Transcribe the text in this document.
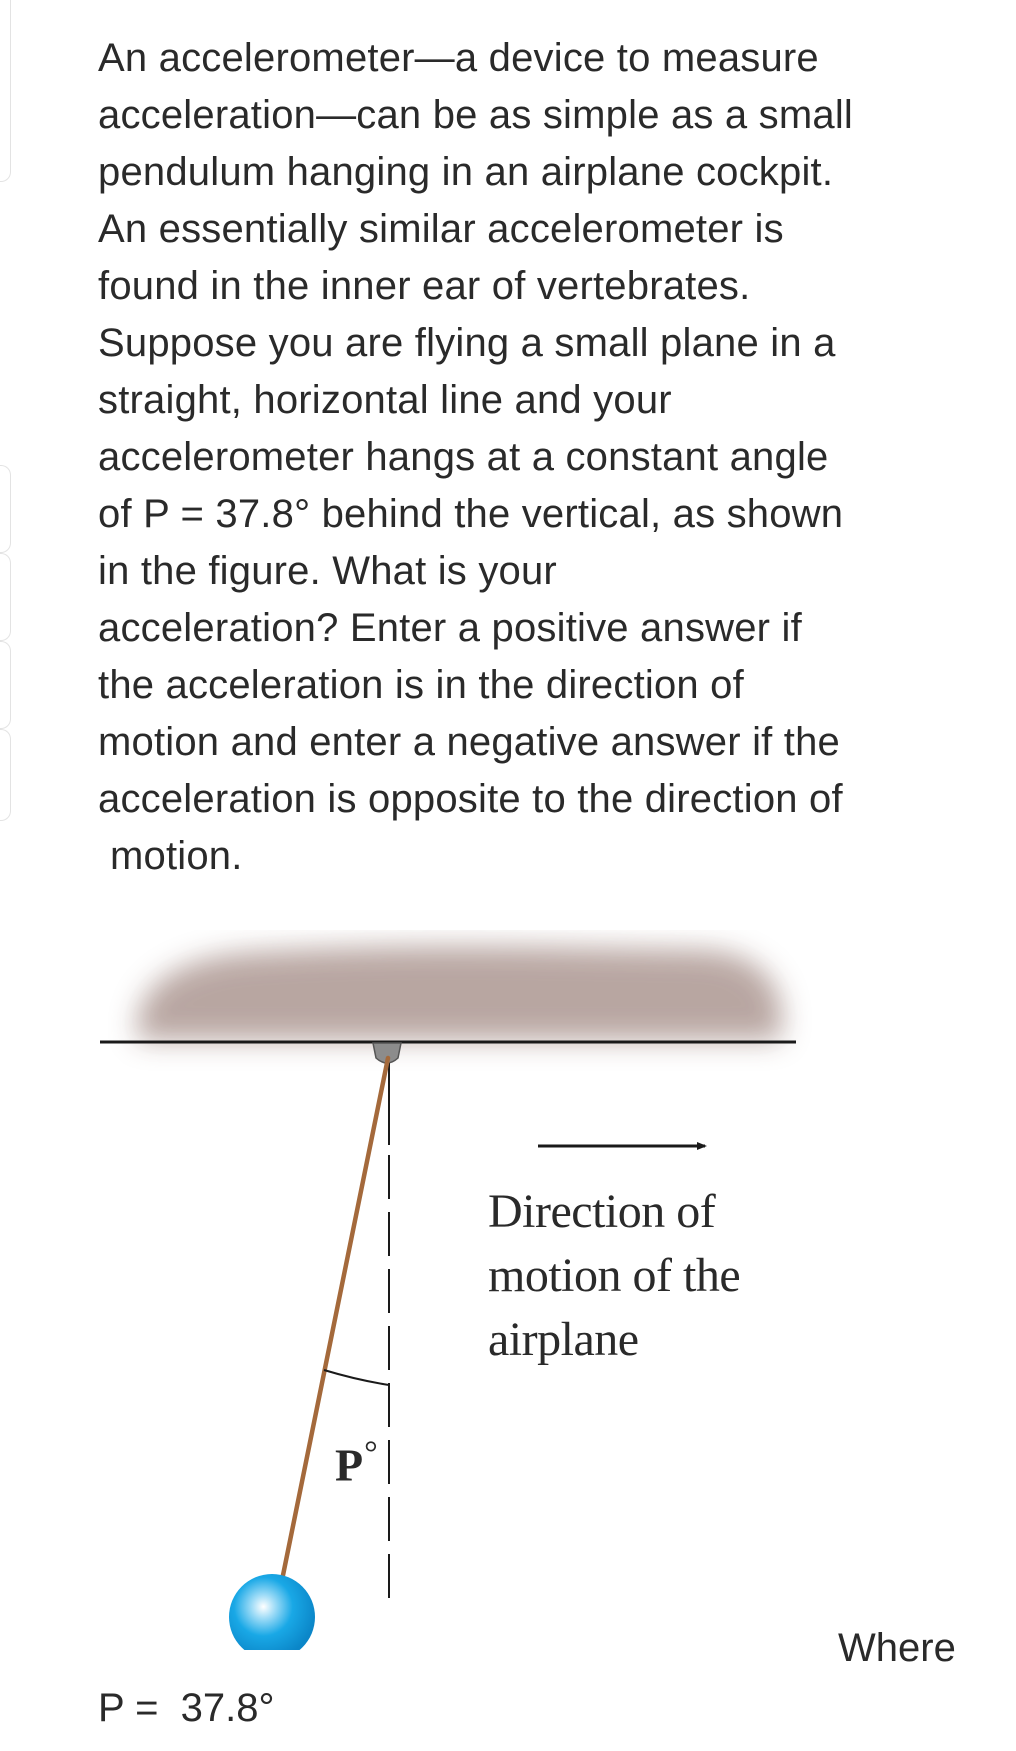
An accelerometer—a device to measure
acceleration—can be as simple as a small
pendulum hanging in an airplane cockpit.
An essentially similar accelerometer is
found in the inner ear of vertebrates.
Suppose you are flying a small plane in a
straight, horizontal line and your
accelerometer hangs at a constant angle
of P = 37.8° behind the vertical, as shown
in the figure. What is your
acceleration? Enter a positive answer if
the acceleration is in the direction of
motion and enter a negative answer if the
acceleration is opposite to the direction of
motion.

Direction of
motion of the
airplane
P°
Where
P =  37.8°
